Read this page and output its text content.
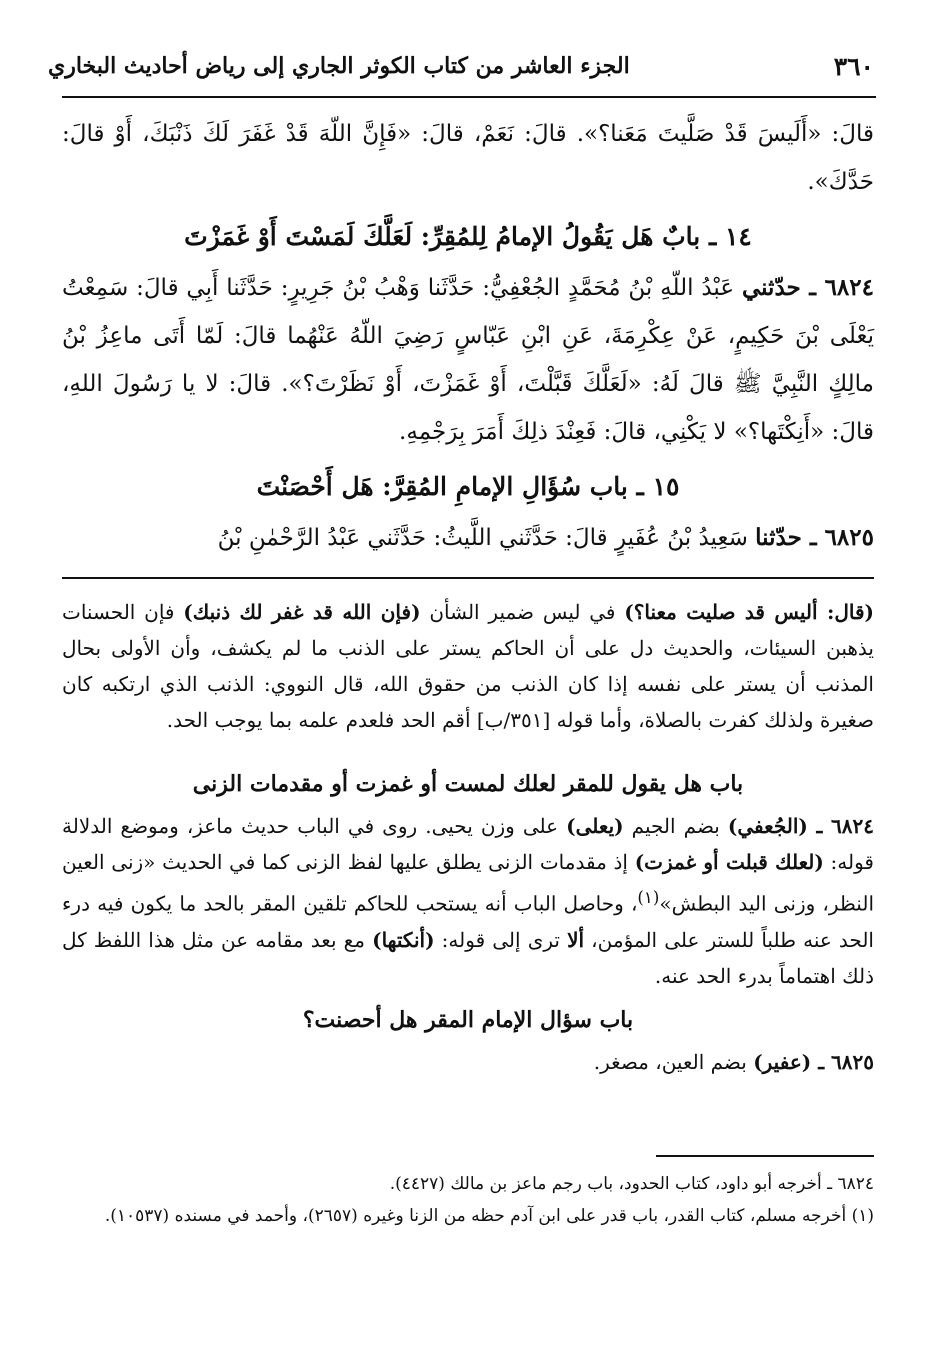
٣٦٠
الجزء العاشر من كتاب الكوثر الجاري إلى رياض أحاديث البخاري

قالَ: «أَلَيسَ قَدْ صَلَّيتَ مَعَنا؟». قالَ: نَعَمْ، قالَ: «فَإِنَّ اللّهَ قَدْ غَفَرَ لَكَ ذَنْبَكَ، أَوْ قالَ: حَدَّكَ».

١٤ ـ بابٌ هَل يَقُولُ الإمامُ لِلمُقِرِّ: لَعَلَّكَ لَمَسْتَ أَوْ غَمَزْتَ

٦٨٢٤ ـ حدّثني عَبْدُ اللّهِ بْنُ مُحَمَّدٍ الجُعْفِيُّ: حَدَّثَنا وَهْبُ بْنُ جَرِيرٍ: حَدَّثَنا أَبِي قالَ: سَمِعْتُ يَعْلَى بْنَ حَكِيمٍ، عَنْ عِكْرِمَةَ، عَنِ ابْنِ عَبّاسٍ رَضِيَ اللّهُ عَنْهُما قالَ: لَمّا أَتَى ماعِزُ بْنُ مالِكٍ النَّبِيَّ ﷺ قالَ لَهُ: «لَعَلَّكَ قَبَّلْتَ، أَوْ غَمَزْتَ، أَوْ نَظَرْتَ؟». قالَ: لا يا رَسُولَ اللهِ، قالَ: «أَنِكْتَها؟» لا يَكْنِي، قالَ: فَعِنْدَ ذلِكَ أَمَرَ بِرَجْمِهِ.

١٥ ـ باب سُؤَالِ الإمامِ المُقِرَّ: هَل أَحْصَنْتَ

٦٨٢٥ ـ حدّثنا سَعِيدُ بْنُ عُفَيرٍ قالَ: حَدَّثَني اللَّيثُ: حَدَّثَني عَبْدُ الرَّحْمٰنِ بْنُ

(قال: أليس قد صليت معنا؟) في ليس ضمير الشأن (فإن الله قد غفر لك ذنبك) فإن الحسنات يذهبن السيئات، والحديث دل على أن الحاكم يستر على الذنب ما لم يكشف، وأن الأولى بحال المذنب أن يستر على نفسه إذا كان الذنب من حقوق الله، قال النووي: الذنب الذي ارتكبه كان صغيرة ولذلك كفرت بالصلاة، وأما قوله [٣٥١/ب] أقم الحد فلعدم علمه بما يوجب الحد.

باب هل يقول للمقر لعلك لمست أو غمزت أو مقدمات الزنى

٦٨٢٤ ـ (الجُعفي) بضم الجيم (يعلى) على وزن يحيى. روى في الباب حديث ماعز، وموضع الدلالة قوله: (لعلك قبلت أو غمزت) إذ مقدمات الزنى يطلق عليها لفظ الزنى كما في الحديث «زنى العين النظر، وزنى اليد البطش»$^{(١)}$، وحاصل الباب أنه يستحب للحاكم تلقين المقر بالحد ما يكون فيه درء الحد عنه طلباً للستر على المؤمن، ألا ترى إلى قوله: (أنكتها) مع بعد مقامه عن مثل هذا اللفظ كل ذلك اهتماماً بدرء الحد عنه.

باب سؤال الإمام المقر هل أحصنت؟

٦٨٢٥ ـ (عفير) بضم العين، مصغر.

٦٨٢٤ ـ أخرجه أبو داود، كتاب الحدود، باب رجم ماعز بن مالك (٤٤٢٧).

(١) أخرجه مسلم، كتاب القدر، باب قدر على ابن آدم حظه من الزنا وغيره (٢٦٥٧)، وأحمد في مسنده (١٠٥٣٧).
